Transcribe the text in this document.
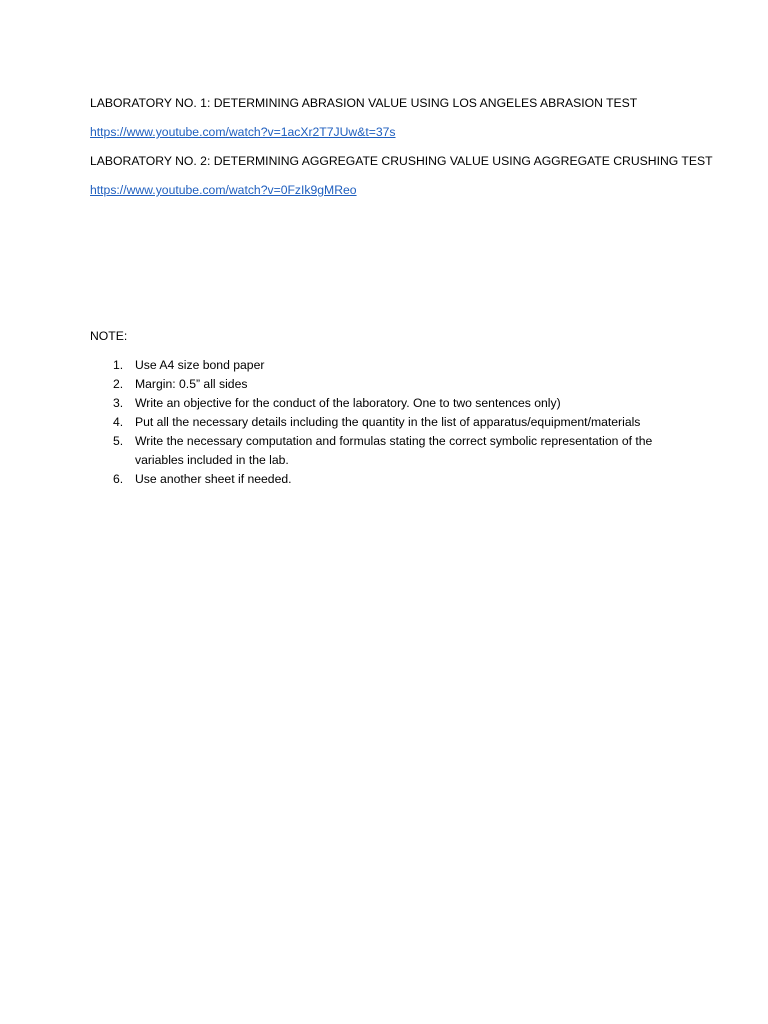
LABORATORY NO. 1: DETERMINING ABRASION VALUE USING LOS ANGELES ABRASION TEST

https://www.youtube.com/watch?v=1acXr2T7JUw&t=37s

LABORATORY NO. 2: DETERMINING AGGREGATE CRUSHING VALUE USING AGGREGATE CRUSHING TEST

https://www.youtube.com/watch?v=0FzIk9gMReo

NOTE:

1. Use A4 size bond paper
2. Margin: 0.5” all sides
3. Write an objective for the conduct of the laboratory. One to two sentences only)
4. Put all the necessary details including the quantity in the list of apparatus/equipment/materials
5. Write the necessary computation and formulas stating the correct symbolic representation of the variables included in the lab.
6. Use another sheet if needed.
